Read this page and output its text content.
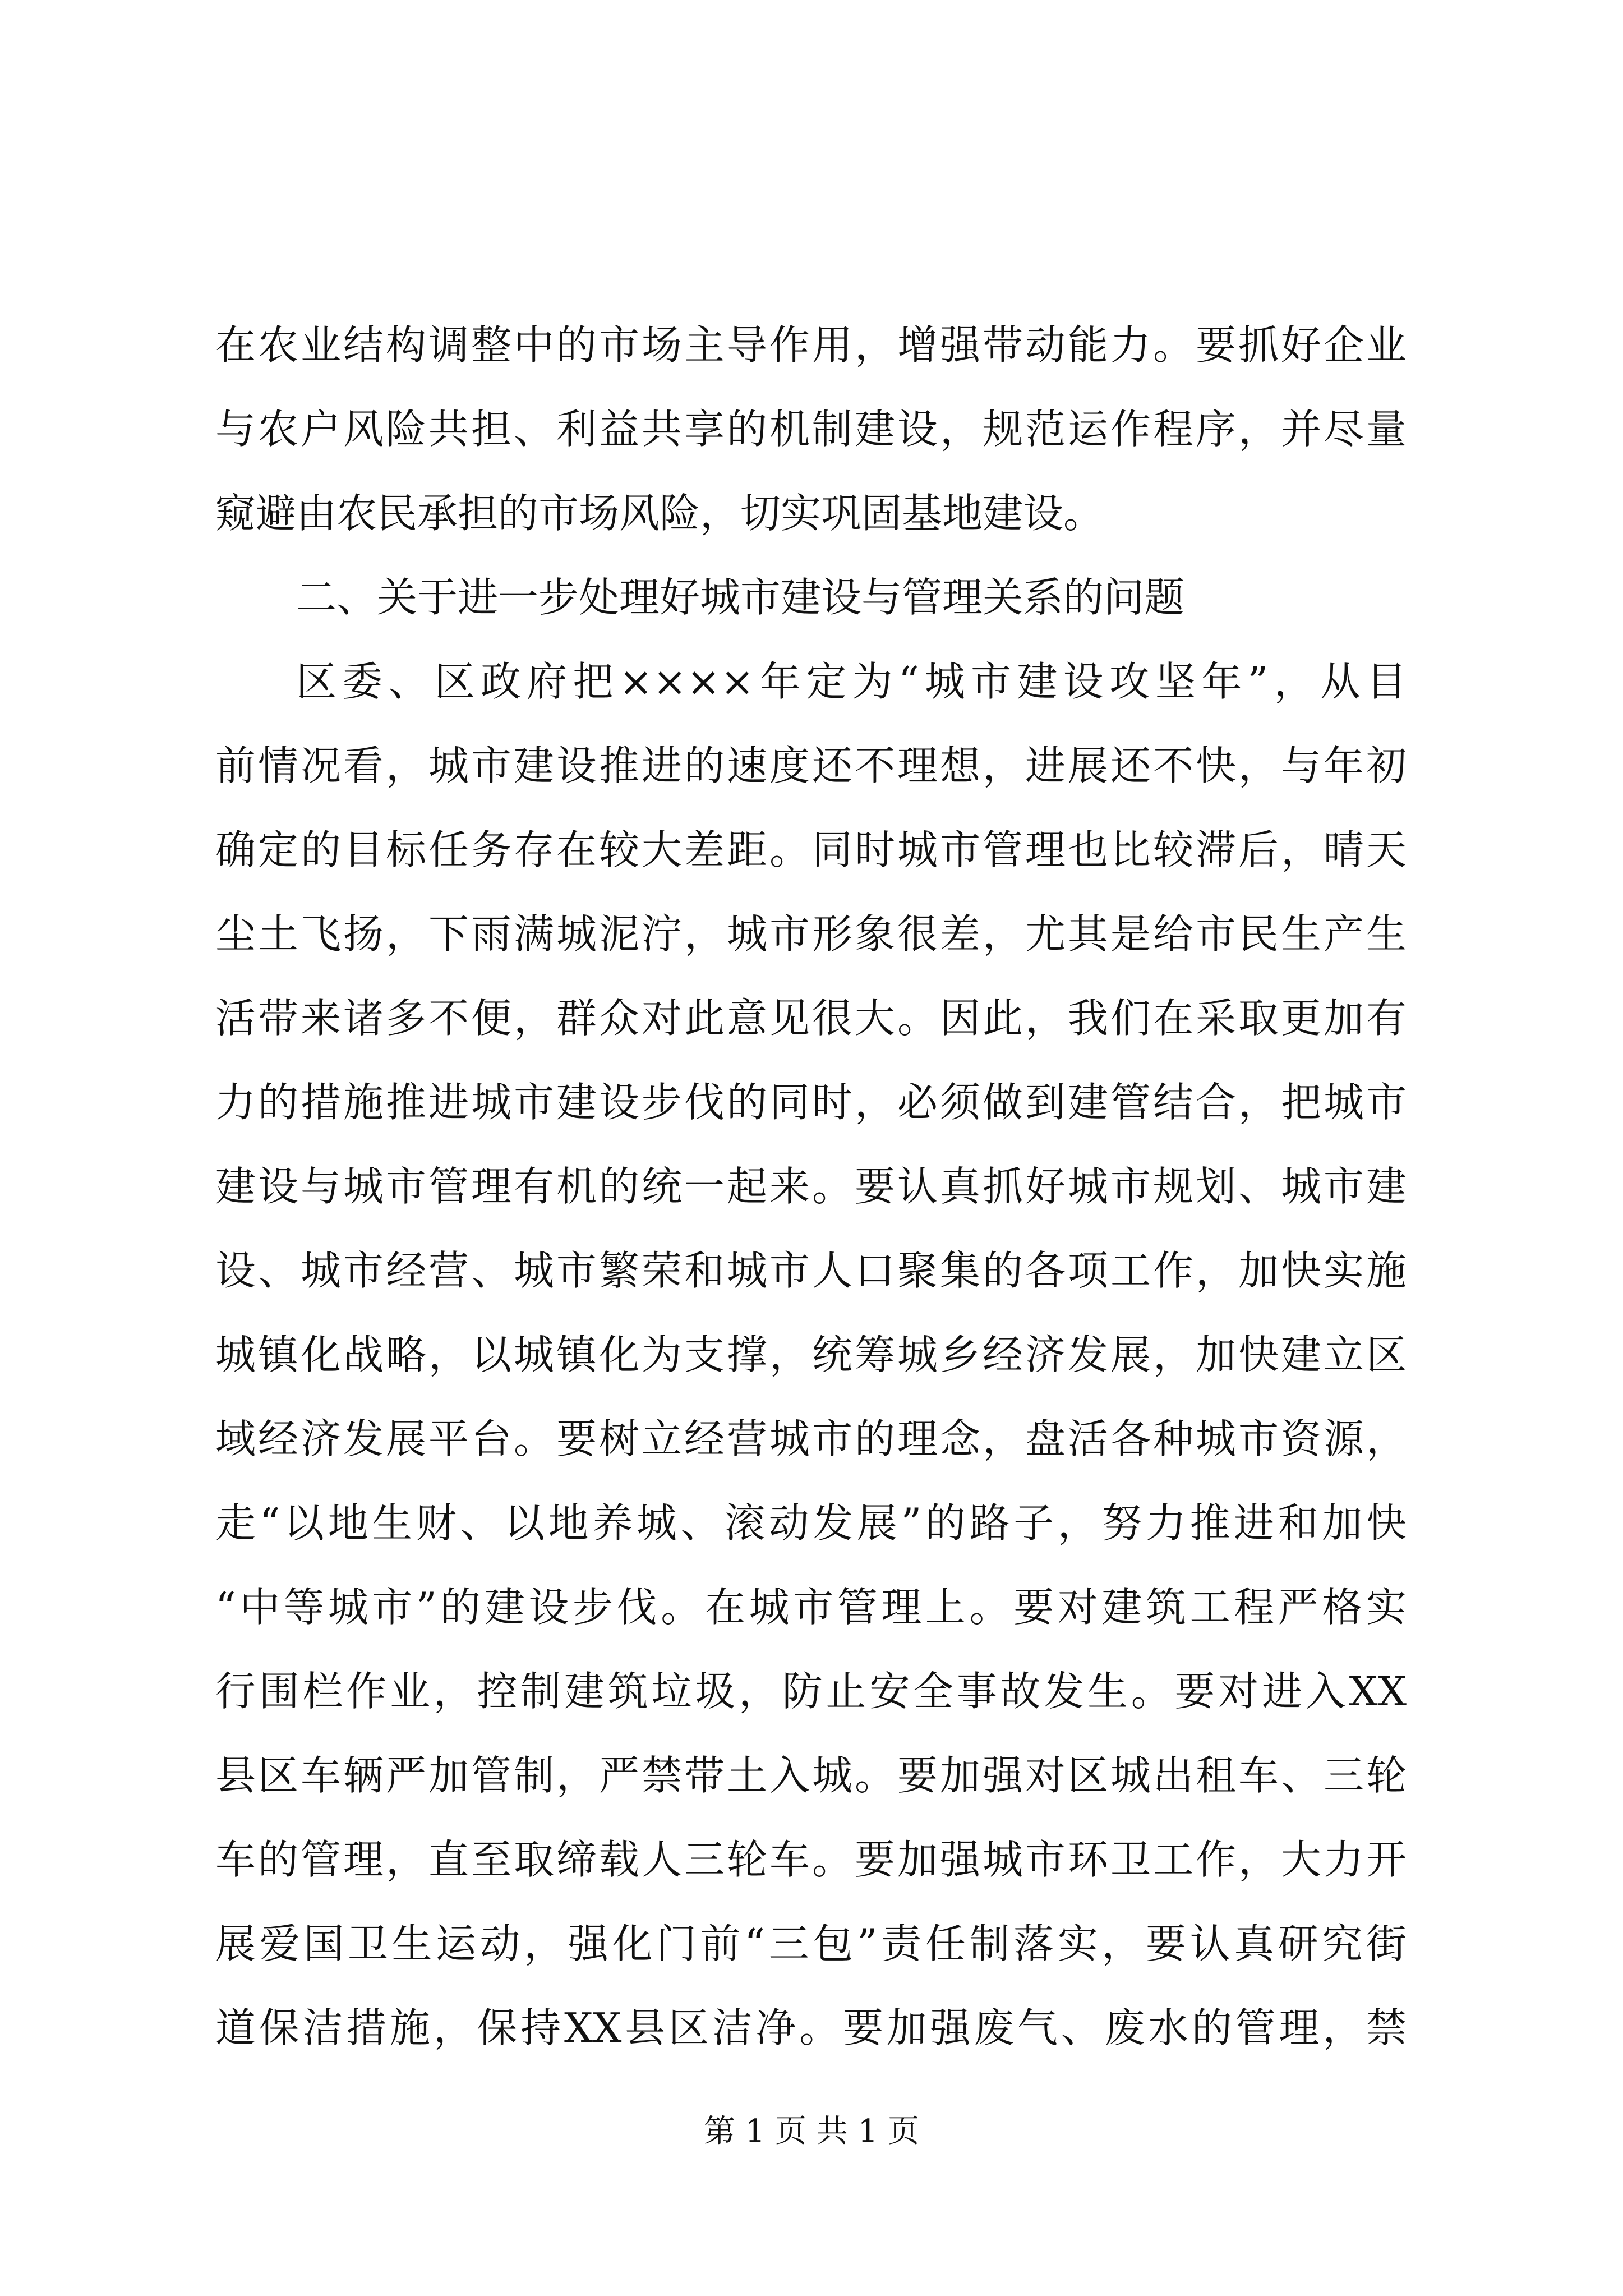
在农业结构调整中的市场主导作用，增强带动能力。要抓好企业
与农户风险共担、利益共享的机制建设，规范运作程序，并尽量
窥避由农民承担的市场风险，切实巩固基地建设。
二、关于进一步处理好城市建设与管理关系的问题
区委、区政府把××××年定为“城市建设攻坚年”，从目
前情况看，城市建设推进的速度还不理想，进展还不快，与年初
确定的目标任务存在较大差距。同时城市管理也比较滞后，晴天
尘土飞扬，下雨满城泥泞，城市形象很差，尤其是给市民生产生
活带来诸多不便，群众对此意见很大。因此，我们在采取更加有
力的措施推进城市建设步伐的同时，必须做到建管结合，把城市
建设与城市管理有机的统一起来。要认真抓好城市规划、城市建
设、城市经营、城市繁荣和城市人口聚集的各项工作，加快实施
城镇化战略，以城镇化为支撑，统筹城乡经济发展，加快建立区
域经济发展平台。要树立经营城市的理念，盘活各种城市资源，
走“以地生财、以地养城、滚动发展”的路子，努力推进和加快
“中等城市”的建设步伐。在城市管理上。要对建筑工程严格实
行围栏作业，控制建筑垃圾，防止安全事故发生。要对进入XX
县区车辆严加管制，严禁带土入城。要加强对区城出租车、三轮
车的管理，直至取缔载人三轮车。要加强城市环卫工作，大力开
展爱国卫生运动，强化门前“三包”责任制落实，要认真研究街
道保洁措施，保持XX县区洁净。要加强废气、废水的管理，禁
第 1 页 共 1 页
